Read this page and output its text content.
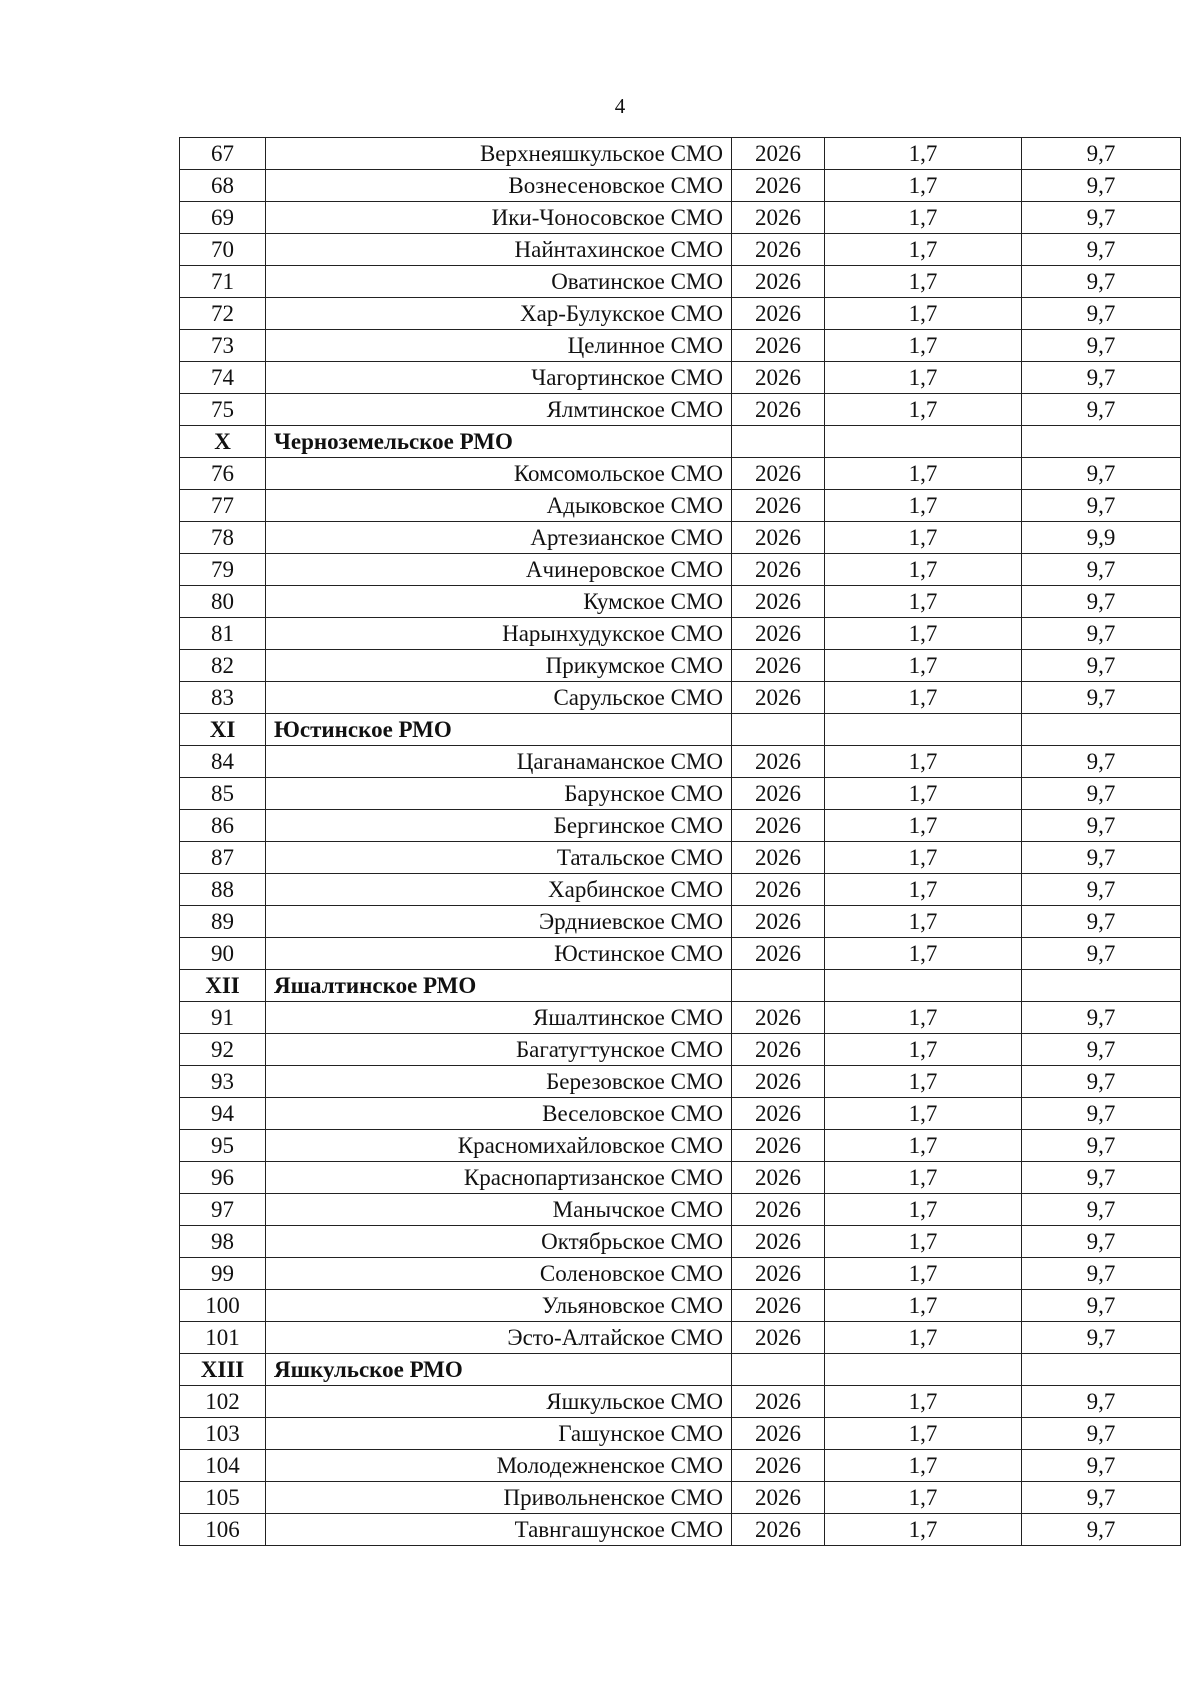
4
67	Верхнеяшкульское СМО	2026	1,7	9,7
68	Вознесеновское СМО	2026	1,7	9,7
69	Ики-Чоносовское СМО	2026	1,7	9,7
70	Найнтахинское СМО	2026	1,7	9,7
71	Оватинское СМО	2026	1,7	9,7
72	Хар-Булукское СМО	2026	1,7	9,7
73	Целинное СМО	2026	1,7	9,7
74	Чагортинское СМО	2026	1,7	9,7
75	Ялмтинское СМО	2026	1,7	9,7
X	Черноземельское РМО			
76	Комсомольское СМО	2026	1,7	9,7
77	Адыковское СМО	2026	1,7	9,7
78	Артезианское СМО	2026	1,7	9,9
79	Ачинеровское СМО	2026	1,7	9,7
80	Кумское СМО	2026	1,7	9,7
81	Нарынхудукское СМО	2026	1,7	9,7
82	Прикумское СМО	2026	1,7	9,7
83	Сарульское СМО	2026	1,7	9,7
XI	Юстинское РМО			
84	Цаганаманское СМО	2026	1,7	9,7
85	Барунское СМО	2026	1,7	9,7
86	Бергинское СМО	2026	1,7	9,7
87	Татальское СМО	2026	1,7	9,7
88	Харбинское СМО	2026	1,7	9,7
89	Эрдниевское СМО	2026	1,7	9,7
90	Юстинское СМО	2026	1,7	9,7
XII	Яшалтинское РМО			
91	Яшалтинское СМО	2026	1,7	9,7
92	Багатугтунское СМО	2026	1,7	9,7
93	Березовское СМО	2026	1,7	9,7
94	Веселовское СМО	2026	1,7	9,7
95	Красномихайловское СМО	2026	1,7	9,7
96	Краснопартизанское СМО	2026	1,7	9,7
97	Манычское СМО	2026	1,7	9,7
98	Октябрьское СМО	2026	1,7	9,7
99	Соленовское СМО	2026	1,7	9,7
100	Ульяновское СМО	2026	1,7	9,7
101	Эсто-Алтайское СМО	2026	1,7	9,7
XIII	Яшкульское РМО			
102	Яшкульское СМО	2026	1,7	9,7
103	Гашунское СМО	2026	1,7	9,7
104	Молодежненское СМО	2026	1,7	9,7
105	Привольненское СМО	2026	1,7	9,7
106	Тавнгашунское СМО	2026	1,7	9,7
